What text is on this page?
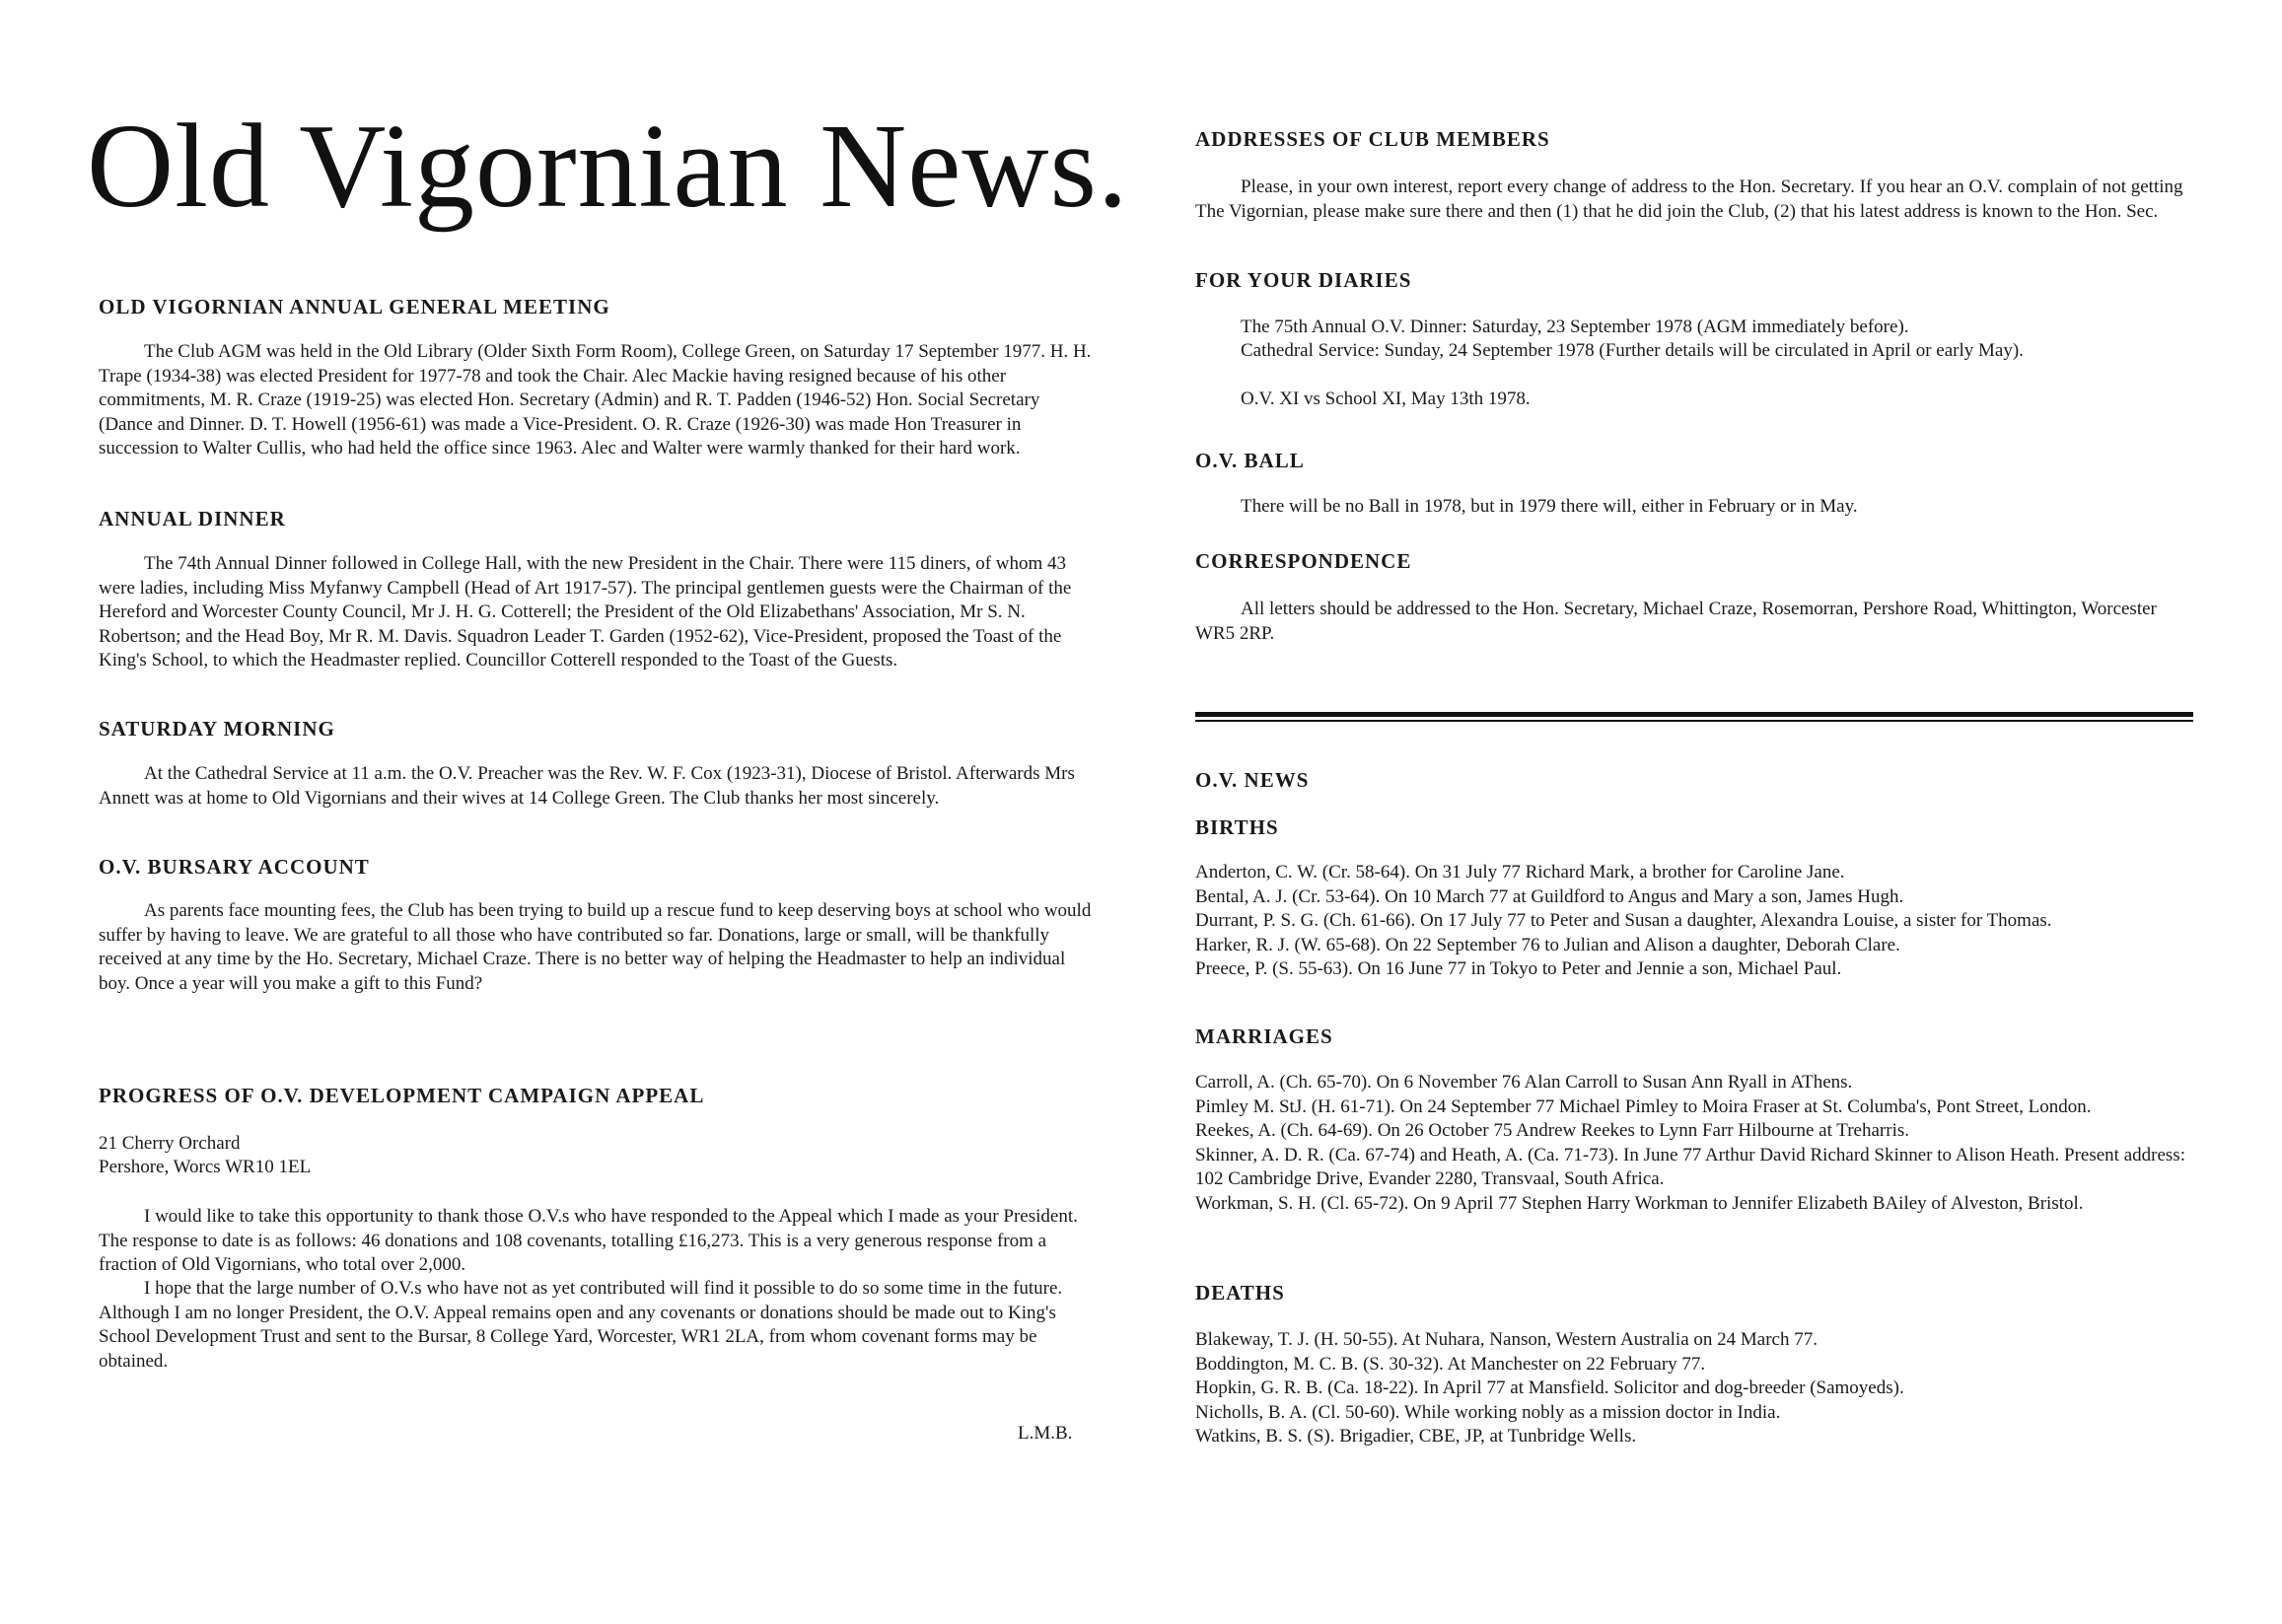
Old Vigornian News.
OLD VIGORNIAN ANNUAL GENERAL MEETING

The Club AGM was held in the Old Library (Older Sixth Form Room), College Green, on Saturday 17 September 1977. H. H. Trape (1934-38) was elected President for 1977-78 and took the Chair. Alec Mackie having resigned because of his other commitments, M. R. Craze (1919-25) was elected Hon. Secretary (Admin) and R. T. Padden (1946-52) Hon. Social Secretary (Dance and Dinner. D. T. Howell (1956-61) was made a Vice-President. O. R. Craze (1926-30) was made Hon Treasurer in succession to Walter Cullis, who had held the office since 1963. Alec and Walter were warmly thanked for their hard work.

ANNUAL DINNER

The 74th Annual Dinner followed in College Hall, with the new President in the Chair. There were 115 diners, of whom 43 were ladies, including Miss Myfanwy Campbell (Head of Art 1917-57). The principal gentlemen guests were the Chairman of the Hereford and Worcester County Council, Mr J. H. G. Cotterell; the President of the Old Elizabethans' Association, Mr S. N. Robertson; and the Head Boy, Mr R. M. Davis. Squadron Leader T. Garden (1952-62), Vice-President, proposed the Toast of the King's School, to which the Headmaster replied. Councillor Cotterell responded to the Toast of the Guests.

SATURDAY MORNING

At the Cathedral Service at 11 a.m. the O.V. Preacher was the Rev. W. F. Cox (1923-31), Diocese of Bristol. Afterwards Mrs Annett was at home to Old Vigornians and their wives at 14 College Green. The Club thanks her most sincerely.

O.V. BURSARY ACCOUNT

As parents face mounting fees, the Club has been trying to build up a rescue fund to keep deserving boys at school who would suffer by having to leave. We are grateful to all those who have contributed so far. Donations, large or small, will be thankfully received at any time by the Ho. Secretary, Michael Craze. There is no better way of helping the Headmaster to help an individual boy. Once a year will you make a gift to this Fund?

PROGRESS OF O.V. DEVELOPMENT CAMPAIGN APPEAL

21 Cherry Orchard

Pershore, Worcs WR10 1EL

I would like to take this opportunity to thank those O.V.s who have responded to the Appeal which I made as your President. The response to date is as follows: 46 donations and 108 covenants, totalling £16,273. This is a very generous response from a fraction of Old Vigornians, who total over 2,000.

I hope that the large number of O.V.s who have not as yet contributed will find it possible to do so some time in the future. Although I am no longer President, the O.V. Appeal remains open and any covenants or donations should be made out to King's School Development Trust and sent to the Bursar, 8 College Yard, Worcester, WR1 2LA, from whom covenant forms may be obtained.

L.M.B.
ADDRESSES OF CLUB MEMBERS

Please, in your own interest, report every change of address to the Hon. Secretary. If you hear an O.V. complain of not getting The Vigornian, please make sure there and then (1) that he did join the Club, (2) that his latest address is known to the Hon. Sec.

FOR YOUR DIARIES

The 75th Annual O.V. Dinner: Saturday, 23 September 1978 (AGM immediately before).

Cathedral Service: Sunday, 24 September 1978 (Further details will be circulated in April or early May).

O.V. XI vs School XI, May 13th 1978.

O.V. BALL

There will be no Ball in 1978, but in 1979 there will, either in February or in May.

CORRESPONDENCE

All letters should be addressed to the Hon. Secretary, Michael Craze, Rosemorran, Pershore Road, Whittington, Worcester WR5 2RP.

O.V. NEWS
BIRTHS

Anderton, C. W. (Cr. 58-64). On 31 July 77 Richard Mark, a brother for Caroline Jane.

Bental, A. J. (Cr. 53-64). On 10 March 77 at Guildford to Angus and Mary a son, James Hugh.

Durrant, P. S. G. (Ch. 61-66). On 17 July 77 to Peter and Susan a daughter, Alexandra Louise, a sister for Thomas.

Harker, R. J. (W. 65-68). On 22 September 76 to Julian and Alison a daughter, Deborah Clare.

Preece, P. (S. 55-63). On 16 June 77 in Tokyo to Peter and Jennie a son, Michael Paul.

MARRIAGES

Carroll, A. (Ch. 65-70). On 6 November 76 Alan Carroll to Susan Ann Ryall in AThens.

Pimley M. StJ. (H. 61-71). On 24 September 77 Michael Pimley to Moira Fraser at St. Columba's, Pont Street, London.

Reekes, A. (Ch. 64-69). On 26 October 75 Andrew Reekes to Lynn Farr Hilbourne at Treharris.

Skinner, A. D. R. (Ca. 67-74) and Heath, A. (Ca. 71-73). In June 77 Arthur David Richard Skinner to Alison Heath. Present address: 102 Cambridge Drive, Evander 2280, Transvaal, South Africa.

Workman, S. H. (Cl. 65-72). On 9 April 77 Stephen Harry Workman to Jennifer Elizabeth BAiley of Alveston, Bristol.

DEATHS

Blakeway, T. J. (H. 50-55). At Nuhara, Nanson, Western Australia on 24 March 77.

Boddington, M. C. B. (S. 30-32). At Manchester on 22 February 77.

Hopkin, G. R. B. (Ca. 18-22). In April 77 at Mansfield. Solicitor and dog-breeder (Samoyeds).

Nicholls, B. A. (Cl. 50-60). While working nobly as a mission doctor in India.

Watkins, B. S. (S). Brigadier, CBE, JP, at Tunbridge Wells.
